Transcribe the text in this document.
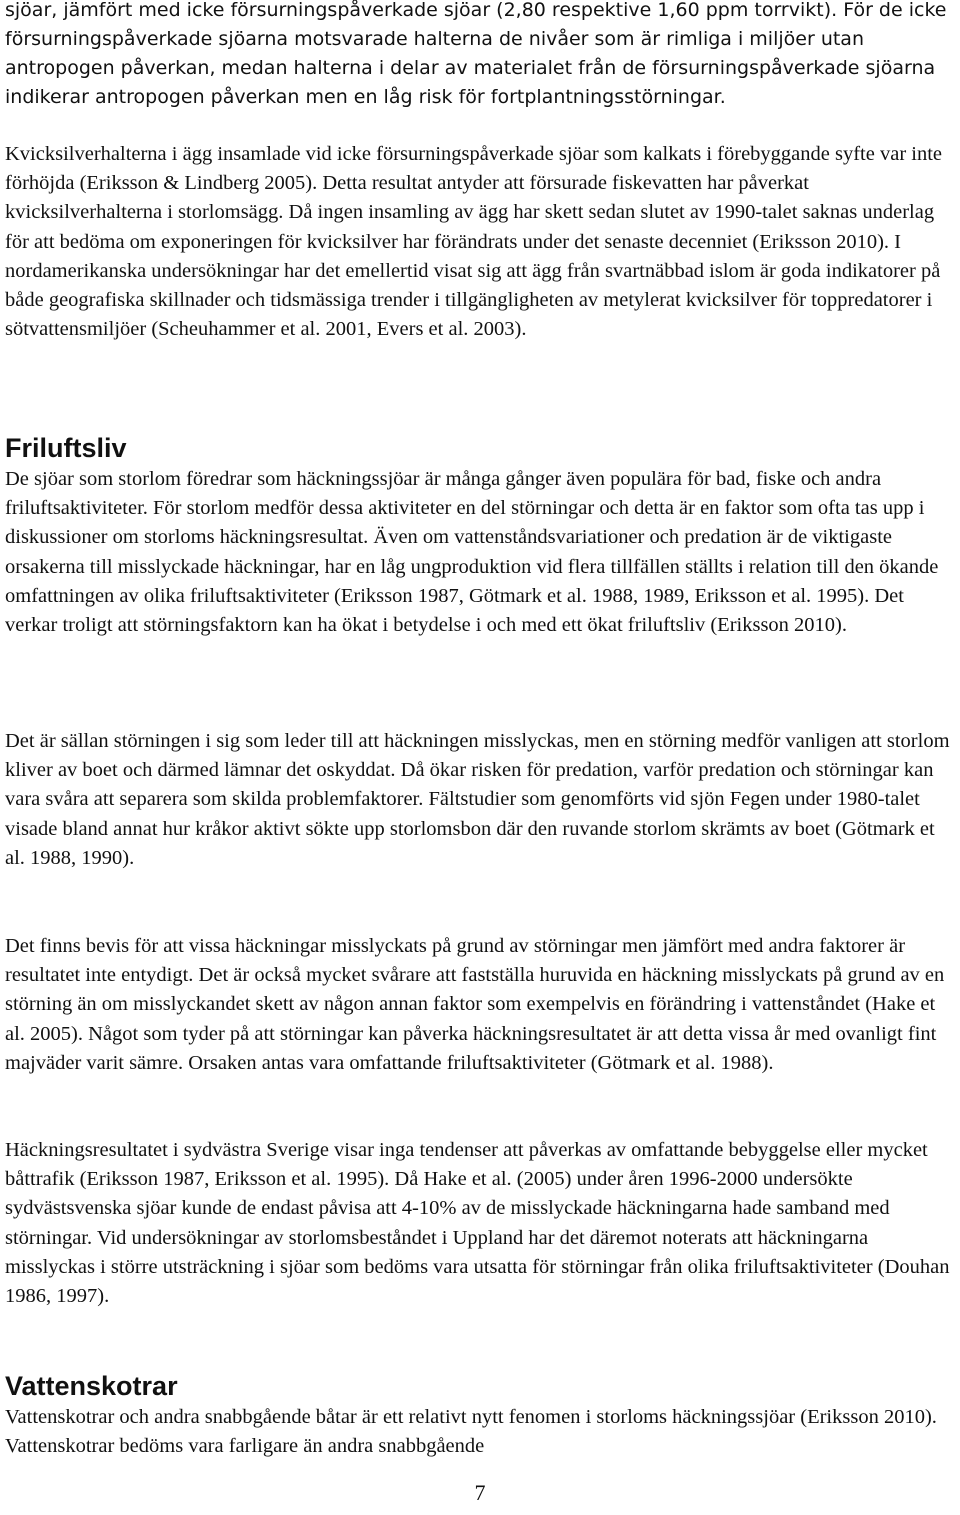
sjöar, jämfört med icke försurningspåverkade sjöar (2,80 respektive 1,60 ppm torrvikt). För de icke försurningspåverkade sjöarna motsvarade halterna de nivåer som är rimliga i miljöer utan antropogen påverkan, medan halterna i delar av materialet från de försurningspåverkade sjöarna indikerar antropogen påverkan men en låg risk för fortplantningsstörningar.

Kvicksilverhalterna i ägg insamlade vid icke försurningspåverkade sjöar som kalkats i förebyggande syfte var inte förhöjda (Eriksson & Lindberg 2005). Detta resultat antyder att försurade fiskevatten har påverkat kvicksilverhalterna i storlomsägg. Då ingen insamling av ägg har skett sedan slutet av 1990-talet saknas underlag för att bedöma om exponeringen för kvicksilver har förändrats under det senaste decenniet (Eriksson 2010). I nordamerikanska undersökningar har det emellertid visat sig att ägg från svartnäbbad islom är goda indikatorer på både geografiska skillnader och tidsmässiga trender i tillgängligheten av metylerat kvicksilver för toppredatorer i sötvattensmiljöer (Scheuhammer et al. 2001, Evers et al. 2003).

Friluftsliv

De sjöar som storlom föredrar som häckningssjöar är många gånger även populära för bad, fiske och andra friluftsaktiviteter. För storlom medför dessa aktiviteter en del störningar och detta är en faktor som ofta tas upp i diskussioner om storloms häckningsresultat. Även om vattenståndsvariationer och predation är de viktigaste orsakerna till misslyckade häckningar, har en låg ungproduktion vid flera tillfällen ställts i relation till den ökande omfattningen av olika friluftsaktiviteter (Eriksson 1987, Götmark et al. 1988, 1989, Eriksson et al. 1995). Det verkar troligt att störningsfaktorn kan ha ökat i betydelse i och med ett ökat friluftsliv (Eriksson 2010).

Det är sällan störningen i sig som leder till att häckningen misslyckas, men en störning medför vanligen att storlom kliver av boet och därmed lämnar det oskyddat. Då ökar risken för predation, varför predation och störningar kan vara svåra att separera som skilda problemfaktorer. Fältstudier som genomförts vid sjön Fegen under 1980-talet visade bland annat hur kråkor aktivt sökte upp storlomsbon där den ruvande storlom skrämts av boet (Götmark et al. 1988, 1990).

Det finns bevis för att vissa häckningar misslyckats på grund av störningar men jämfört med andra faktorer är resultatet inte entydigt. Det är också mycket svårare att fastställa huruvida en häckning misslyckats på grund av en störning än om misslyckandet skett av någon annan faktor som exempelvis en förändring i vattenståndet (Hake et al. 2005). Något som tyder på att störningar kan påverka häckningsresultatet är att detta vissa år med ovanligt fint majväder varit sämre. Orsaken antas vara omfattande friluftsaktiviteter (Götmark et al. 1988).

Häckningsresultatet i sydvästra Sverige visar inga tendenser att påverkas av omfattande bebyggelse eller mycket båttrafik (Eriksson 1987, Eriksson et al. 1995). Då Hake et al. (2005) under åren 1996-2000 undersökte sydvästsvenska sjöar kunde de endast påvisa att 4-10% av de misslyckade häckningarna hade samband med störningar. Vid undersökningar av storlomsbeståndet i Uppland har det däremot noterats att häckningarna misslyckas i större utsträckning i sjöar som bedöms vara utsatta för störningar från olika friluftsaktiviteter (Douhan 1986, 1997).

Vattenskotrar

Vattenskotrar och andra snabbgående båtar är ett relativt nytt fenomen i storloms häckningssjöar (Eriksson 2010). Vattenskotrar bedöms vara farligare än andra snabbgående

7
